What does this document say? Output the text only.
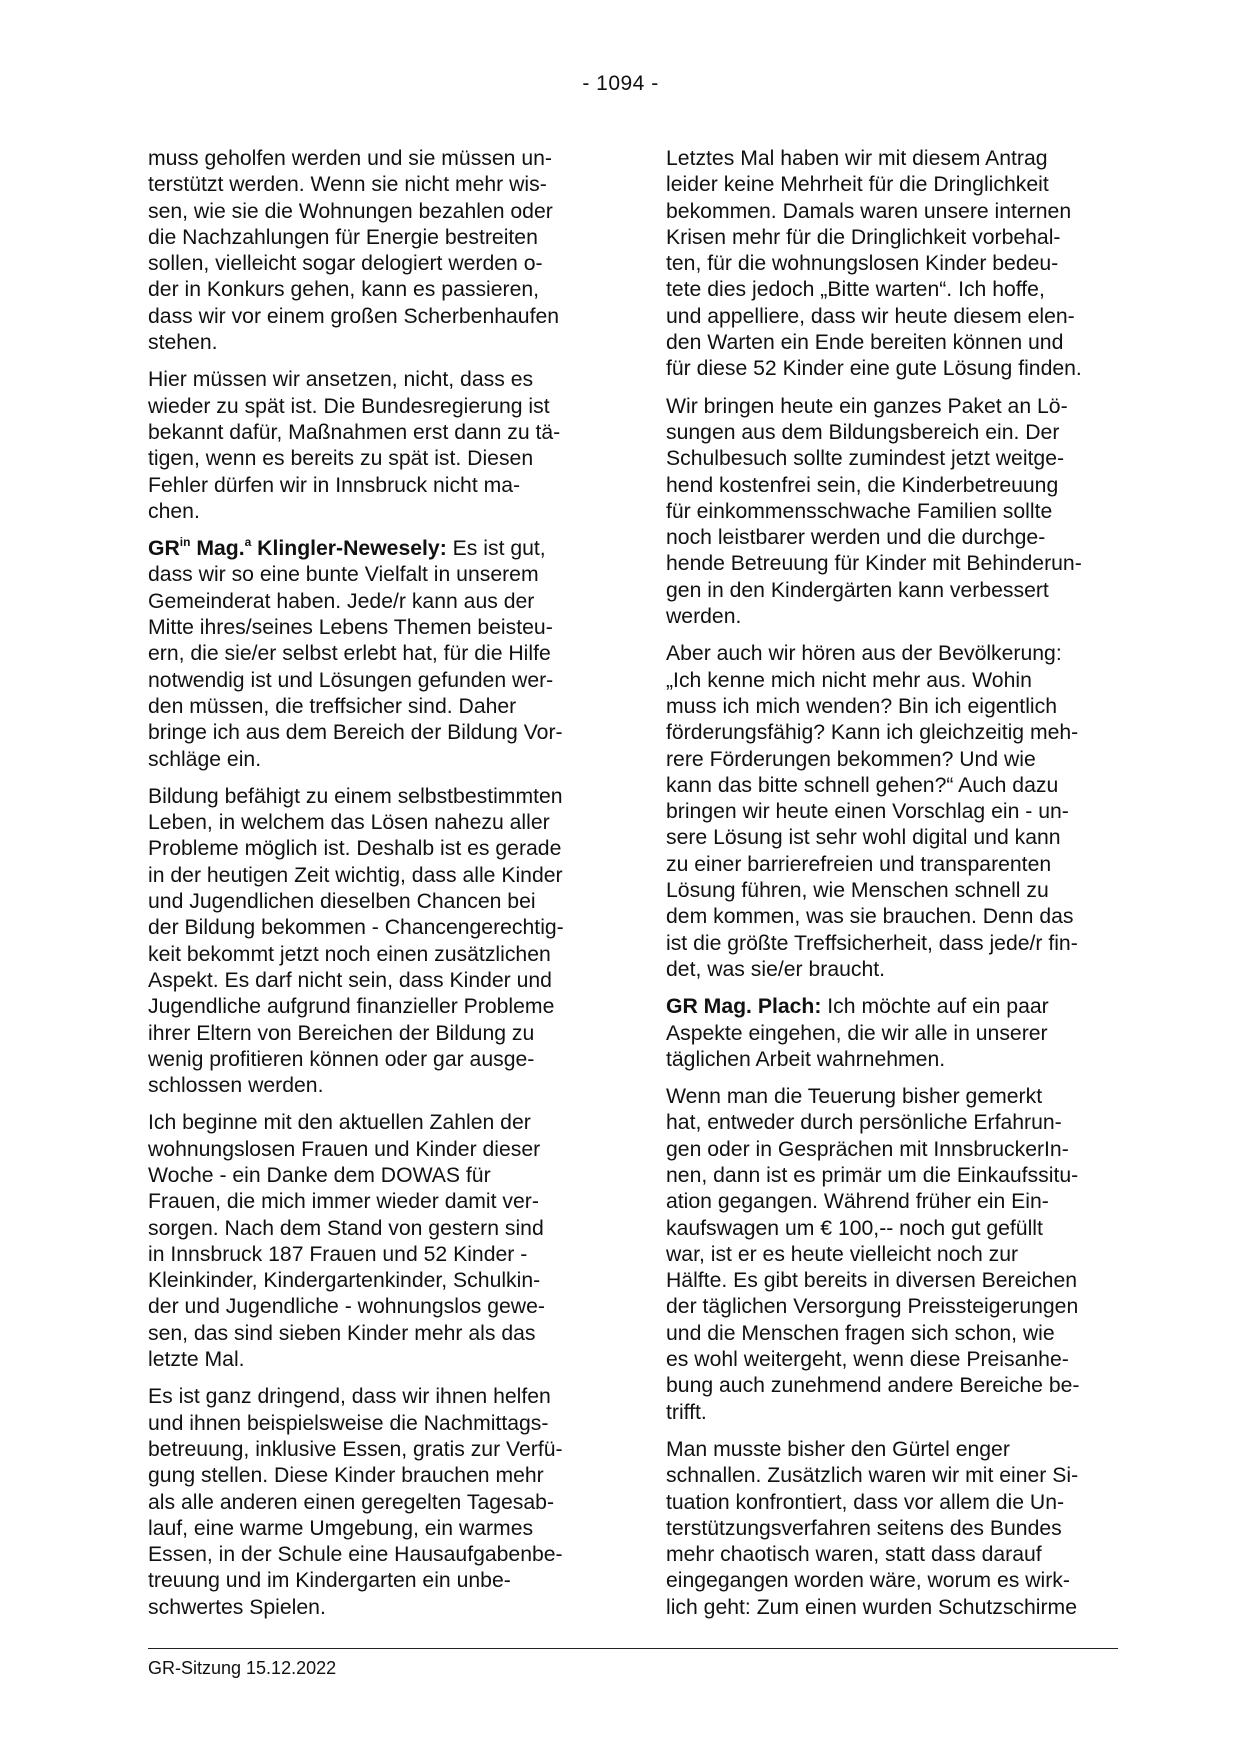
- 1094 -

muss geholfen werden und sie müssen un-
terstützt werden. Wenn sie nicht mehr wis-
sen, wie sie die Wohnungen bezahlen oder
die Nachzahlungen für Energie bestreiten
sollen, vielleicht sogar delogiert werden o-
der in Konkurs gehen, kann es passieren,
dass wir vor einem großen Scherbenhaufen
stehen.

Hier müssen wir ansetzen, nicht, dass es
wieder zu spät ist. Die Bundesregierung ist
bekannt dafür, Maßnahmen erst dann zu tä-
tigen, wenn es bereits zu spät ist. Diesen
Fehler dürfen wir in Innsbruck nicht ma-
chen.

$GR^{in}$ Mag.$^a$ Klingler-Newesely: Es ist gut,
dass wir so eine bunte Vielfalt in unserem
Gemeinderat haben. Jede/r kann aus der
Mitte ihres/seines Lebens Themen beisteu-
ern, die sie/er selbst erlebt hat, für die Hilfe
notwendig ist und Lösungen gefunden wer-
den müssen, die treffsicher sind. Daher
bringe ich aus dem Bereich der Bildung Vor-
schläge ein.

Bildung befähigt zu einem selbstbestimmten
Leben, in welchem das Lösen nahezu aller
Probleme möglich ist. Deshalb ist es gerade
in der heutigen Zeit wichtig, dass alle Kinder
und Jugendlichen dieselben Chancen bei
der Bildung bekommen - Chancengerechtig-
keit bekommt jetzt noch einen zusätzlichen
Aspekt. Es darf nicht sein, dass Kinder und
Jugendliche aufgrund finanzieller Probleme
ihrer Eltern von Bereichen der Bildung zu
wenig profitieren können oder gar ausge-
schlossen werden.

Ich beginne mit den aktuellen Zahlen der
wohnungslosen Frauen und Kinder dieser
Woche - ein Danke dem DOWAS für
Frauen, die mich immer wieder damit ver-
sorgen. Nach dem Stand von gestern sind
in Innsbruck 187 Frauen und 52 Kinder -
Kleinkinder, Kindergartenkinder, Schulkin-
der und Jugendliche - wohnungslos gewe-
sen, das sind sieben Kinder mehr als das
letzte Mal.

Es ist ganz dringend, dass wir ihnen helfen
und ihnen beispielsweise die Nachmittags-
betreuung, inklusive Essen, gratis zur Verfü-
gung stellen. Diese Kinder brauchen mehr
als alle anderen einen geregelten Tagesab-
lauf, eine warme Umgebung, ein warmes
Essen, in der Schule eine Hausaufgabenbe-
treuung und im Kindergarten ein unbe-
schwertes Spielen.

Letztes Mal haben wir mit diesem Antrag
leider keine Mehrheit für die Dringlichkeit
bekommen. Damals waren unsere internen
Krisen mehr für die Dringlichkeit vorbehal-
ten, für die wohnungslosen Kinder bedeu-
tete dies jedoch „Bitte warten“. Ich hoffe,
und appelliere, dass wir heute diesem elen-
den Warten ein Ende bereiten können und
für diese 52 Kinder eine gute Lösung finden.

Wir bringen heute ein ganzes Paket an Lö-
sungen aus dem Bildungsbereich ein. Der
Schulbesuch sollte zumindest jetzt weitge-
hend kostenfrei sein, die Kinderbetreuung
für einkommensschwache Familien sollte
noch leistbarer werden und die durchge-
hende Betreuung für Kinder mit Behinderun-
gen in den Kindergärten kann verbessert
werden.

Aber auch wir hören aus der Bevölkerung:
„Ich kenne mich nicht mehr aus. Wohin
muss ich mich wenden? Bin ich eigentlich
förderungsfähig? Kann ich gleichzeitig meh-
rere Förderungen bekommen? Und wie
kann das bitte schnell gehen?“ Auch dazu
bringen wir heute einen Vorschlag ein - un-
sere Lösung ist sehr wohl digital und kann
zu einer barrierefreien und transparenten
Lösung führen, wie Menschen schnell zu
dem kommen, was sie brauchen. Denn das
ist die größte Treffsicherheit, dass jede/r fin-
det, was sie/er braucht.

GR Mag. Plach: Ich möchte auf ein paar
Aspekte eingehen, die wir alle in unserer
täglichen Arbeit wahrnehmen.

Wenn man die Teuerung bisher gemerkt
hat, entweder durch persönliche Erfahrun-
gen oder in Gesprächen mit InnsbruckerIn-
nen, dann ist es primär um die Einkaufssitu-
ation gegangen. Während früher ein Ein-
kaufswagen um € 100,-- noch gut gefüllt
war, ist er es heute vielleicht noch zur
Hälfte. Es gibt bereits in diversen Bereichen
der täglichen Versorgung Preissteigerungen
und die Menschen fragen sich schon, wie
es wohl weitergeht, wenn diese Preisanhe-
bung auch zunehmend andere Bereiche be-
trifft.

Man musste bisher den Gürtel enger
schnallen. Zusätzlich waren wir mit einer Si-
tuation konfrontiert, dass vor allem die Un-
terstützungsverfahren seitens des Bundes
mehr chaotisch waren, statt dass darauf
eingegangen worden wäre, worum es wirk-
lich geht: Zum einen wurden Schutzschirme

GR-Sitzung 15.12.2022
